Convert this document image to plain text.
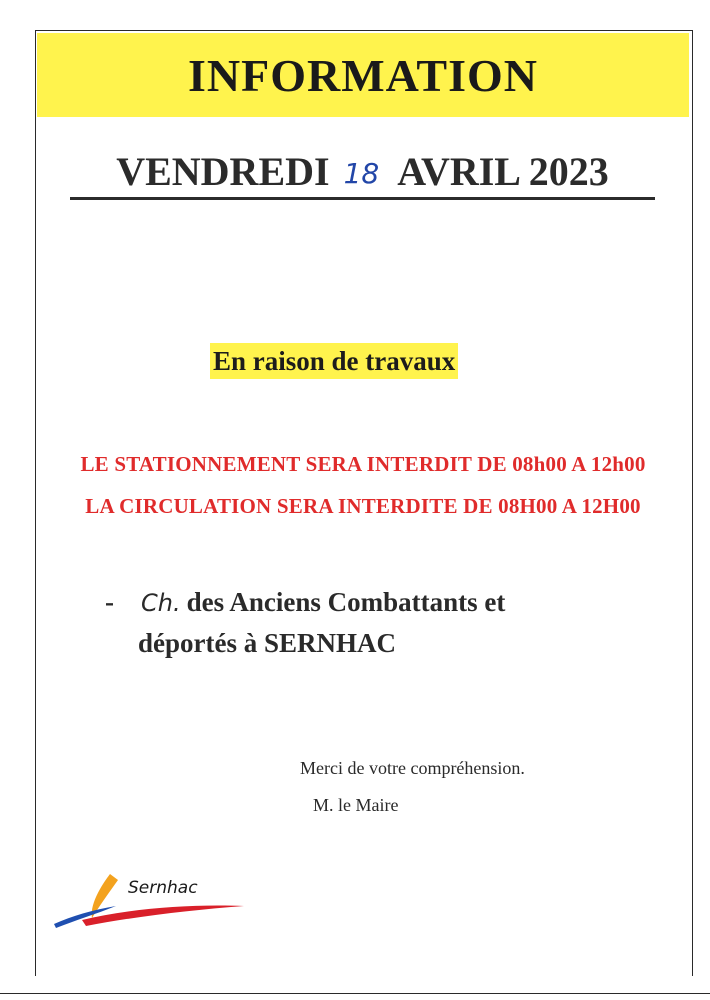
INFORMATION
VENDREDI 18 AVRIL 2023
En raison de travaux
LE STATIONNEMENT SERA INTERDIT DE 08h00 A 12h00
LA CIRCULATION SERA INTERDITE DE 08H00 A 12H00
- Ch. des Anciens Combattants et
déportés à SERNHAC
Merci de votre compréhension.
M. le Maire
Sernhac
